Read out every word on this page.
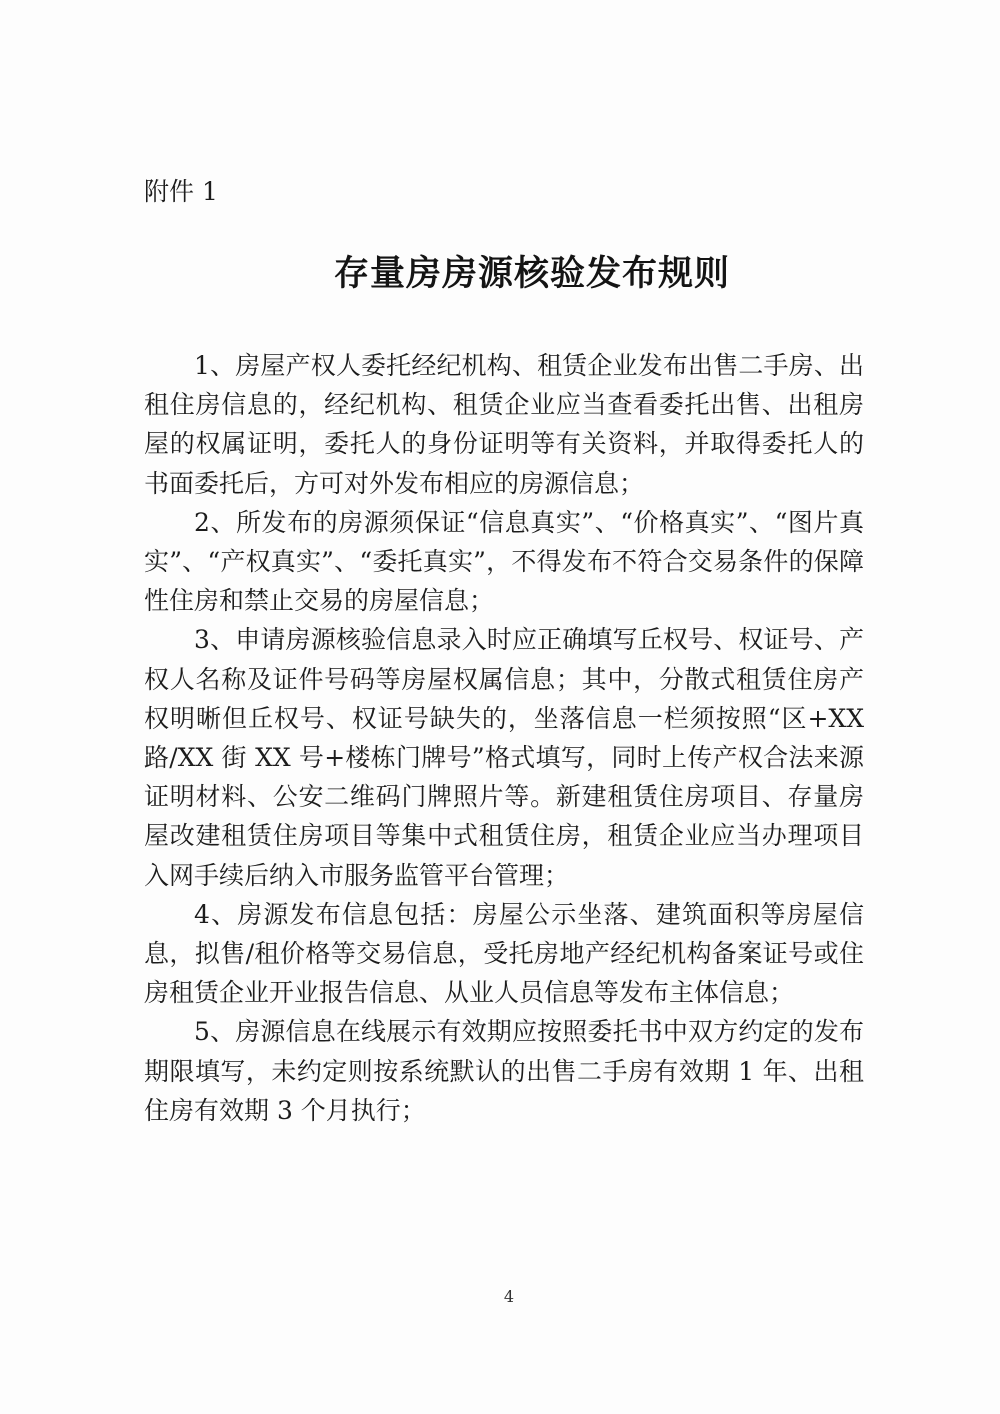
附件 1

存量房房源核验发布规则

1、房屋产权人委托经纪机构、租赁企业发布出售二手房、出租住房信息的，经纪机构、租赁企业应当查看委托出售、出租房屋的权属证明，委托人的身份证明等有关资料，并取得委托人的书面委托后，方可对外发布相应的房源信息；

2、所发布的房源须保证“信息真实”、“价格真实”、“图片真实”、“产权真实”、“委托真实”，不得发布不符合交易条件的保障性住房和禁止交易的房屋信息；

3、申请房源核验信息录入时应正确填写丘权号、权证号、产权人名称及证件号码等房屋权属信息；其中，分散式租赁住房产权明晰但丘权号、权证号缺失的，坐落信息一栏须按照“区+XX 路/XX 街 XX 号+楼栋门牌号”格式填写，同时上传产权合法来源证明材料、公安二维码门牌照片等。新建租赁住房项目、存量房屋改建租赁住房项目等集中式租赁住房，租赁企业应当办理项目入网手续后纳入市服务监管平台管理；

4、房源发布信息包括：房屋公示坐落、建筑面积等房屋信息，拟售/租价格等交易信息，受托房地产经纪机构备案证号或住房租赁企业开业报告信息、从业人员信息等发布主体信息；

5、房源信息在线展示有效期应按照委托书中双方约定的发布期限填写，未约定则按系统默认的出售二手房有效期 1 年、出租住房有效期 3 个月执行；

4
